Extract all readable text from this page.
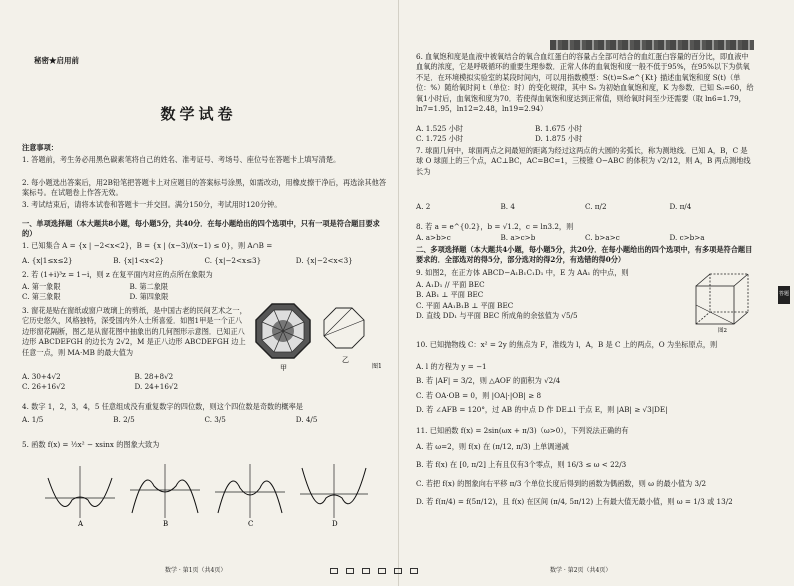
秘密★启用前
数学试卷
注意事项：
1. 答题前，考生务必用黑色碳素笔将自己的姓名、准考证号、考场号、座位号在答题卡上填写清楚。
2. 每小题选出答案后，用2B铅笔把答题卡上对应题目的答案标号涂黑，如需改动，用橡皮擦干净后，再选涂其他答案标号。在试题卷上作答无效。
3. 考试结束后，请将本试卷和答题卡一并交回。满分150分，考试用时120分钟。
一、单项选择题（本大题共8小题，每小题5分，共40分．在每小题给出的四个选项中，只有一项是符合题目要求的）
1. 已知集合 A = {x | −2<x<2}，B = {x | (x−3)/(x−1) ≤ 0}，则 A∩B =
A. {x|1≤x≤2}	B. {x|1<x<2}	C. {x|−2<x≤3}	D. {x|−2<x<3}
2. 若 (1+i)³z = 1−i，则 z 在复平面内对应的点所在象限为
A. 第一象限	B. 第二象限
C. 第三象限	D. 第四象限
3. 窗花是贴在窗纸或窗户玻璃上的剪纸，是中国古老的民间艺术之一，它历史悠久，风格独特，深受国内外人士所喜爱．如图1甲是一个正八边形窗花隔断，图乙是从窗花图中抽象出的几何图形示意图．已知正八边形 ABCDEFGH 的边长为 2√2，M 是正八边形 ABCDEFGH 边上任意一点，则 MA·MB 的最大值为
A. 30+4√2	B. 28+8√2
C. 26+16√2	D. 24+16√2
甲
乙
图1
4. 数字 1，2，3，4，5 任意组成没有重复数字的四位数，则这个四位数是奇数的概率是
A. 1/5	B. 2/5	C. 3/5	D. 4/5
5. 函数 f(x) = ½x² − xsinx 的图象大致为
A	B	C	D
数学 · 第1页（共4页）
6. 血氧饱和度是血液中被氧结合的氧合血红蛋白的容量占全部可结合的血红蛋白容量的百分比，即血液中血氧的浓度，它是呼吸循环的重要生理参数．正常人体的血氧饱和度一般不低于95%，在95%以下为供氧不足．在环境模拟实验室的某段时间内，可以用指数模型：S(t)=S₀e^{Kt} 描述血氧饱和度 S(t)（单位：%）随给氧时间 t（单位：时）的变化规律，其中 S₀ 为初始血氧饱和度，K 为参数．已知 S₀=60，给氧1小时后，血氧饱和度为70．若使得血氧饱和度达到正常值，则给氧时间至少还需要（取 ln6=1.79，ln7=1.95，ln12=2.48，ln19=2.94）
A. 1.525 小时	B. 1.675 小时
C. 1.725 小时	D. 1.875 小时
7. 球面几何中，球面两点之间最短的距离为经过这两点的大圆的劣弧长，称为测地线．已知 A，B，C 是球 O 球面上的三个点，AC⊥BC，AC=BC=1，三棱锥 O−ABC 的体积为 √2/12，则 A，B 两点测地线长为
A. 2	B. 4	C. π/2	D. π/4
8. 若 a = e^{0.2}，b = √1.2，c = ln3.2，则
A. a>b>c	B. a>c>b	C. b>a>c	D. c>b>a
二、多项选择题（本大题共4小题，每小题5分，共20分．在每小题给出的四个选项中，有多项是符合题目要求的．全部选对的得5分，部分选对的得2分，有选错的得0分）
9. 如图2，在正方体 ABCD−A₁B₁C₁D₁ 中，E 为 AA₁ 的中点，则
A. A₁D₁ // 平面 BEC
B. AB₁ ⊥ 平面 BEC
C. 平面 AA₁B₁B ⊥ 平面 BEC
D. 直线 DD₁ 与平面 BEC 所成角的余弦值为 √5/5
图2
10. 已知抛物线 C：x² = 2y 的焦点为 F，准线为 l，A，B 是 C 上的两点，O 为坐标原点，则
A. l 的方程为 y = −1
B. 若 |AF| = 3/2，则 △AOF 的面积为 √2/4
C. 若 OA·OB = 0，则 |OA|·|OB| ≥ 8
D. 若 ∠AFB = 120°，过 AB 的中点 D 作 DE⊥l 于点 E，则 |AB| ≥ √3|DE|
11. 已知函数 f(x) = 2sin(ωx + π/3)（ω>0），下列说法正确的有
A. 若 ω=2，则 f(x) 在 (π/12, π/3) 上单调递减
B. 若 f(x) 在 [0, π/2] 上有且仅有3个零点，则 16/3 ≤ ω < 22/3
C. 若把 f(x) 的图象向右平移 π/3 个单位长度后得到的函数为偶函数，则 ω 的最小值为 3/2
D. 若 f(π/4) = f(5π/12)，且 f(x) 在区间 (π/4, 5π/12) 上有最大值无最小值，则 ω = 1/3 或 13/2
数学 · 第2页（共4页）
答题
